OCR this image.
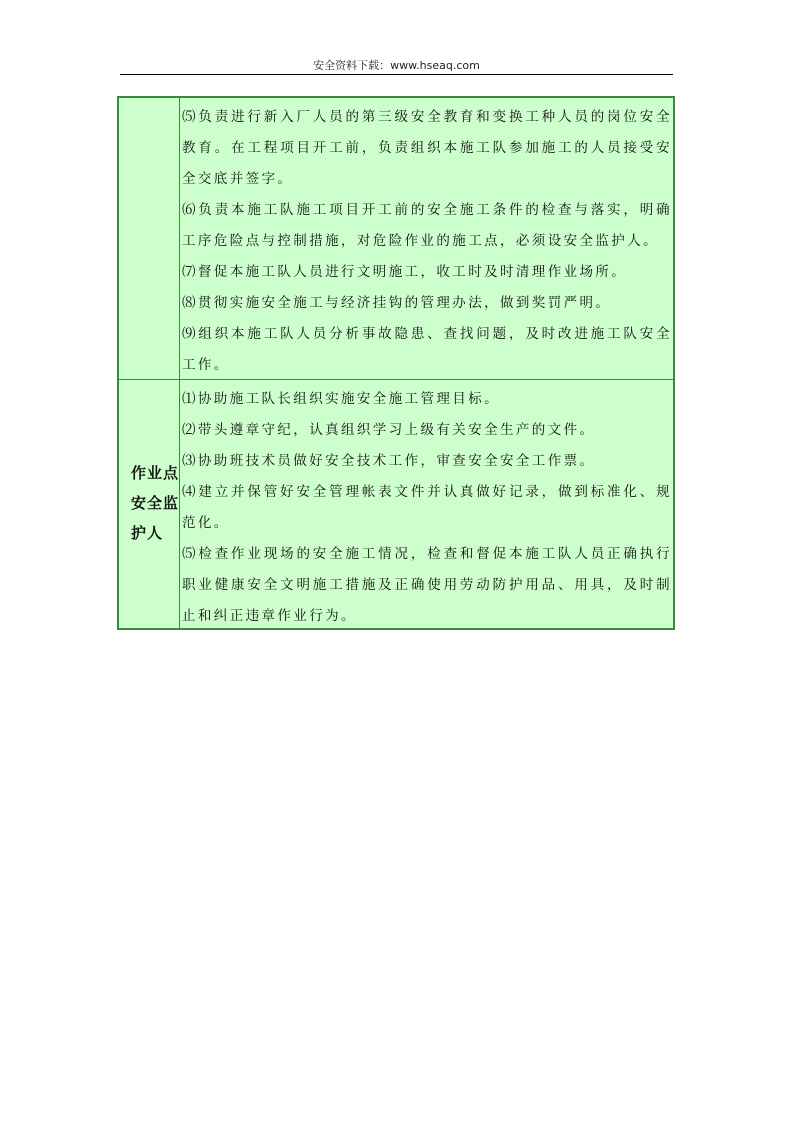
安全资料下载：www.hseaq.com

⑸负责进行新入厂人员的第三级安全教育和变换工种人员的岗位安全教育。在工程项目开工前，负责组织本施工队参加施工的人员接受安全交底并签字。

⑹负责本施工队施工项目开工前的安全施工条件的检查与落实，明确工序危险点与控制措施，对危险作业的施工点，必须设安全监护人。

⑺督促本施工队人员进行文明施工，收工时及时清理作业场所。

⑻贯彻实施安全施工与经济挂钩的管理办法，做到奖罚严明。

⑼组织本施工队人员分析事故隐患、查找问题，及时改进施工队安全工作。

作业点
安全监
护人

⑴协助施工队长组织实施安全施工管理目标。

⑵带头遵章守纪，认真组织学习上级有关安全生产的文件。

⑶协助班技术员做好安全技术工作，审查安全安全工作票。

⑷建立并保管好安全管理帐表文件并认真做好记录，做到标准化、规范化。

⑸检查作业现场的安全施工情况，检查和督促本施工队人员正确执行职业健康安全文明施工措施及正确使用劳动防护用品、用具，及时制止和纠正违章作业行为。
